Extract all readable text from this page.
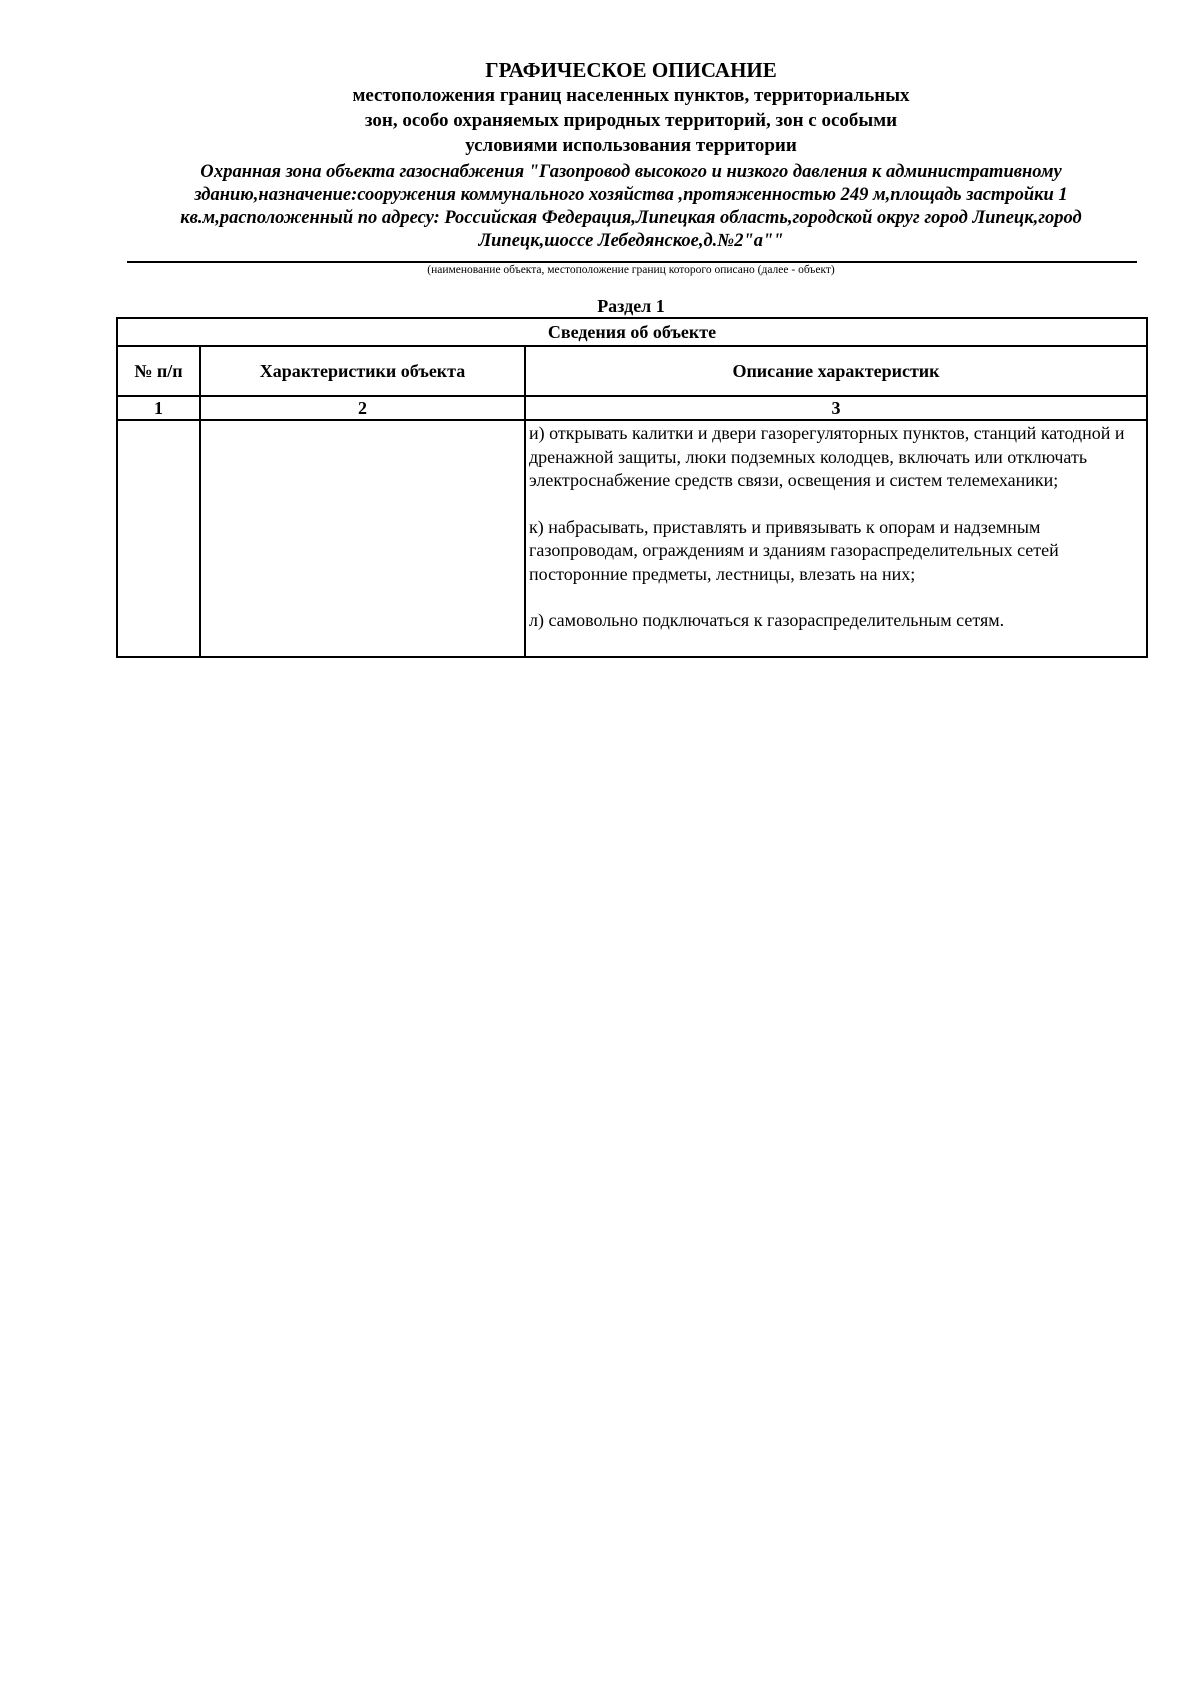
ГРАФИЧЕСКОЕ ОПИСАНИЕ

местоположения границ населенных пунктов, территориальных
зон, особо охраняемых природных территорий, зон с особыми
условиями использования территории

Охранная зона объекта газоснабжения "Газопровод высокого и низкого давления к административному
зданию,назначение:сооружения коммунального хозяйства ,протяженностью 249 м,площадь застройки 1
кв.м,расположенный по адресу: Российская Федерация,Липецкая область,городской округ город Липецк,город
Липецк,шоссе Лебедянское,д.№2"а""

(наименование объекта, местоположение границ которого описано (далее - объект)
Раздел 1
Сведения об объекте		
№ п/п	Характеристики объекта	Описание характеристик
1	2	3

		и) открывать калитки и двери газорегуляторных пунктов, станций катодной и дренажной защиты, люки подземных колодцев, включать или отключать электроснабжение средств связи, освещения и систем телемеханики;

к) набрасывать, приставлять и привязывать к опорам и надземным газопроводам, ограждениям и зданиям газораспределительных сетей посторонние предметы, лестницы, влезать на них;

л) самовольно подключаться к газораспределительным сетям.
